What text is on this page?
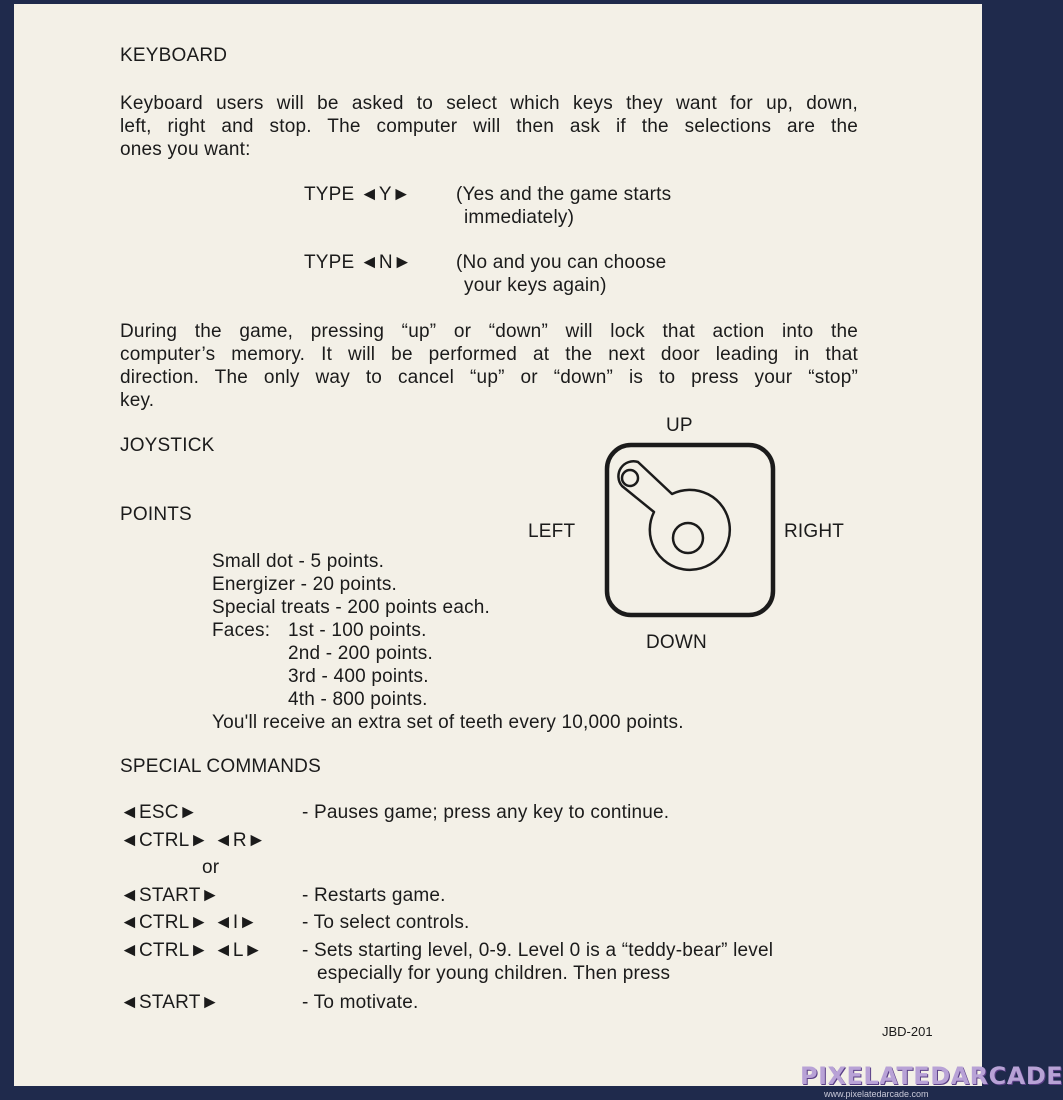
KEYBOARD
Keyboard users will be asked to select which keys they want for up, down,
left, right and stop. The computer will then ask if the selections are the
ones you want:
TYPE ◄Y► (Yes and the game starts
immediately)
TYPE ◄N► (No and you can choose
your keys again)
During the game, pressing “up” or “down” will lock that action into the
computer’s memory. It will be performed at the next door leading in that
direction. The only way to cancel “up” or “down” is to press your “stop”
key.
JOYSTICK
UP
LEFT	RIGHT
DOWN
POINTS
Small dot - 5 points.
Energizer - 20 points.
Special treats - 200 points each.
Faces: 1st - 100 points.
2nd - 200 points.
3rd - 400 points.
4th - 800 points.
You'll receive an extra set of teeth every 10,000 points.
SPECIAL COMMANDS
◄ESC►	- Pauses game; press any key to continue.
◄CTRL► ◄R►
or
◄START►	- Restarts game.
◄CTRL► ◄I► - To select controls.
◄CTRL► ◄L► - Sets starting level, 0-9. Level 0 is a “teddy-bear” level
especially for young children. Then press
◄START►	- To motivate.
JBD-201
PIXELATEDARCADE
www.pixelatedarcade.com
